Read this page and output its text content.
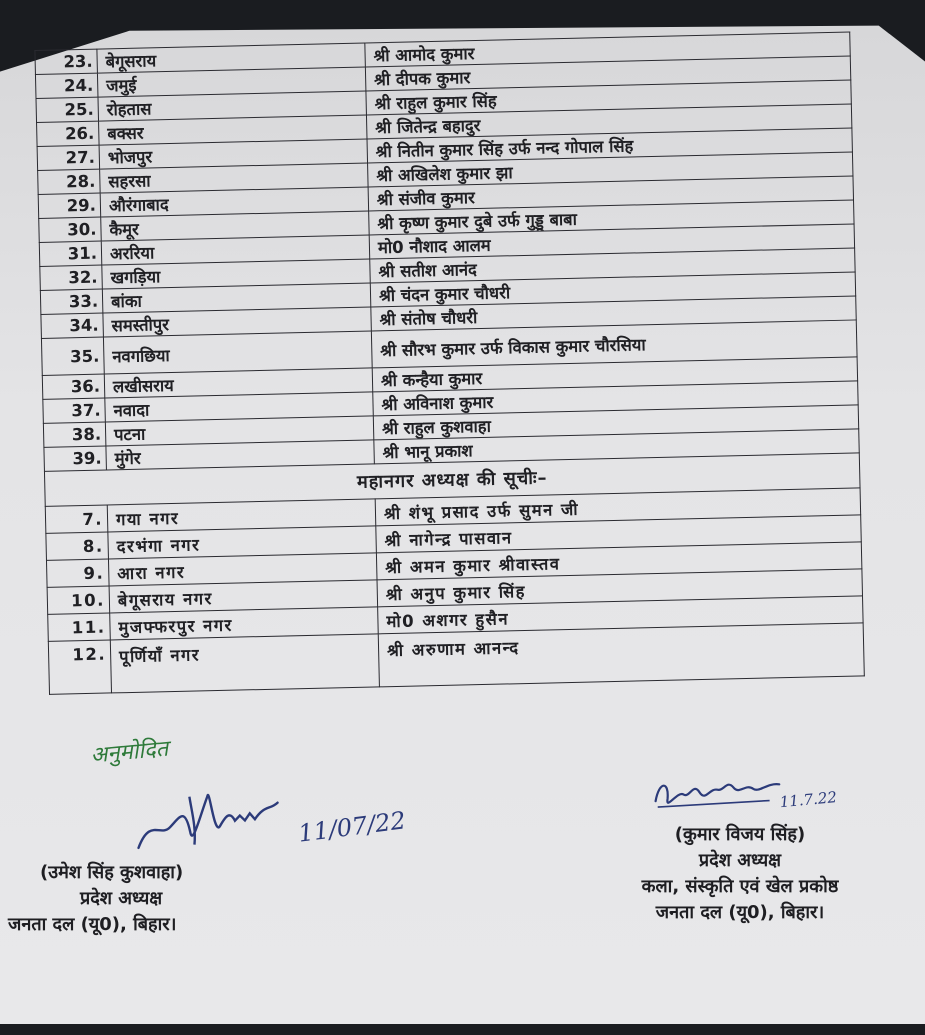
23.	बेगूसराय	श्री आमोद कुमार
24.	जमुई	श्री दीपक कुमार
25.	रोहतास	श्री राहुल कुमार सिंह
26.	बक्सर	श्री जितेन्द्र बहादुर
27.	भोजपुर	श्री नितीन कुमार सिंह उर्फ नन्द गोपाल सिंह
28.	सहरसा	श्री अखिलेश कुमार झा
29.	औरंगाबाद	श्री संजीव कुमार
30.	कैमूर	श्री कृष्ण कुमार दुबे उर्फ गुड्डू बाबा
31.	अररिया	मो0 नौशाद आलम
32.	खगड़िया	श्री सतीश आनंद
33.	बांका	श्री चंदन कुमार चौधरी
34.	समस्तीपुर	श्री संतोष चौधरी
35.	नवगछिया	श्री सौरभ कुमार उर्फ विकास कुमार चौरसिया
36.	लखीसराय	श्री कन्हैया कुमार
37.	नवादा	श्री अविनाश कुमार
38.	पटना	श्री राहुल कुशवाहा
39.	मुंगेर	श्री भानू प्रकाश
महानगर अध्यक्ष की सूचीः–		
7.	गया नगर	श्री शंभू प्रसाद उर्फ सुमन जी
8.	दरभंगा नगर	श्री नागेन्द्र पासवान
9.	आरा नगर	श्री अमन कुमार श्रीवास्तव
10.	बेगूसराय नगर	श्री अनुप कुमार सिंह
11.	मुजफ्फरपुर नगर	मो0 अशगर हुसैन
12.	पूर्णियाँ नगर	श्री अरुणाम आनन्द
अनुमोदित
11/07/22
11.7.22
(उमेश सिंह कुशवाहा)
प्रदेश अध्यक्ष
जनता दल (यू0), बिहार।
(कुमार विजय सिंह)
प्रदेश अध्यक्ष
कला, संस्कृति एवं खेल प्रकोष्ठ
जनता दल (यू0), बिहार।
